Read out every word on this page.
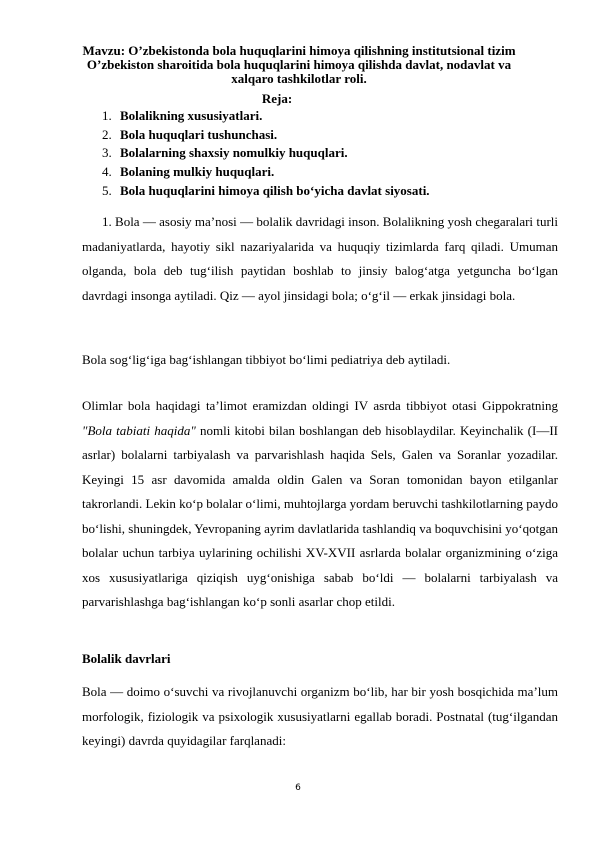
Mavzu: O’zbekistonda bola huquqlarini himoya qilishning institutsional tizim
O’zbekiston sharoitida bola huquqlarini himoya qilishda davlat, nodavlat va
xalqaro tashkilotlar roli.
Reja:
1. Bolalikning xususiyatlari.
2. Bola huquqlari tushunchasi.
3. Bolalarning shaxsiy nomulkiy huquqlari.
4. Bolaning mulkiy huquqlari.
5. Bola huquqlarini himoya qilish bo‘yicha davlat siyosati.

1. Bola — asosiy ma’nosi — bolalik davridagi inson. Bolalikning yosh chegaralari turli madaniyatlarda, hayotiy sikl nazariyalarida va huquqiy tizimlarda farq qiladi. Umuman olganda, bola deb tug‘ilish paytidan boshlab to jinsiy balog‘atga yetguncha bo‘lgan davrdagi insonga aytiladi. Qiz — ayol jinsidagi bola; o‘g‘il — erkak jinsidagi bola.

Bola sog‘lig‘iga bag‘ishlangan tibbiyot bo‘limi pediatriya deb aytiladi.

Olimlar bola haqidagi ta’limot eramizdan oldingi IV asrda tibbiyot otasi Gippokratning "Bola tabiati haqida" nomli kitobi bilan boshlangan deb hisoblaydilar. Keyinchalik (I—II asrlar) bolalarni tarbiyalash va parvarishlash haqida Sels, Galen va Soranlar yozadilar. Keyingi 15 asr davomida amalda oldin Galen va Soran tomonidan bayon etilganlar takrorlandi. Lekin ko‘p bolalar o‘limi, muhtojlarga yordam beruvchi tashkilotlarning paydo bo‘lishi, shuningdek, Yevropaning ayrim davlatlarida tashlandiq va boquvchisini yo‘qotgan bolalar uchun tarbiya uylarining ochilishi XV-XVII asrlarda bolalar organizmining o‘ziga xos xususiyatlariga qiziqish uyg‘onishiga sabab bo‘ldi — bolalarni tarbiyalash va parvarishlashga bag‘ishlangan ko‘p sonli asarlar chop etildi.

Bolalik davrlari

Bola — doimo o‘suvchi va rivojlanuvchi organizm bo‘lib, har bir yosh bosqichida ma’lum morfologik, fiziologik va psixologik xususiyatlarni egallab boradi. Postnatal (tug‘ilgandan keyingi) davrda quyidagilar farqlanadi:

6
